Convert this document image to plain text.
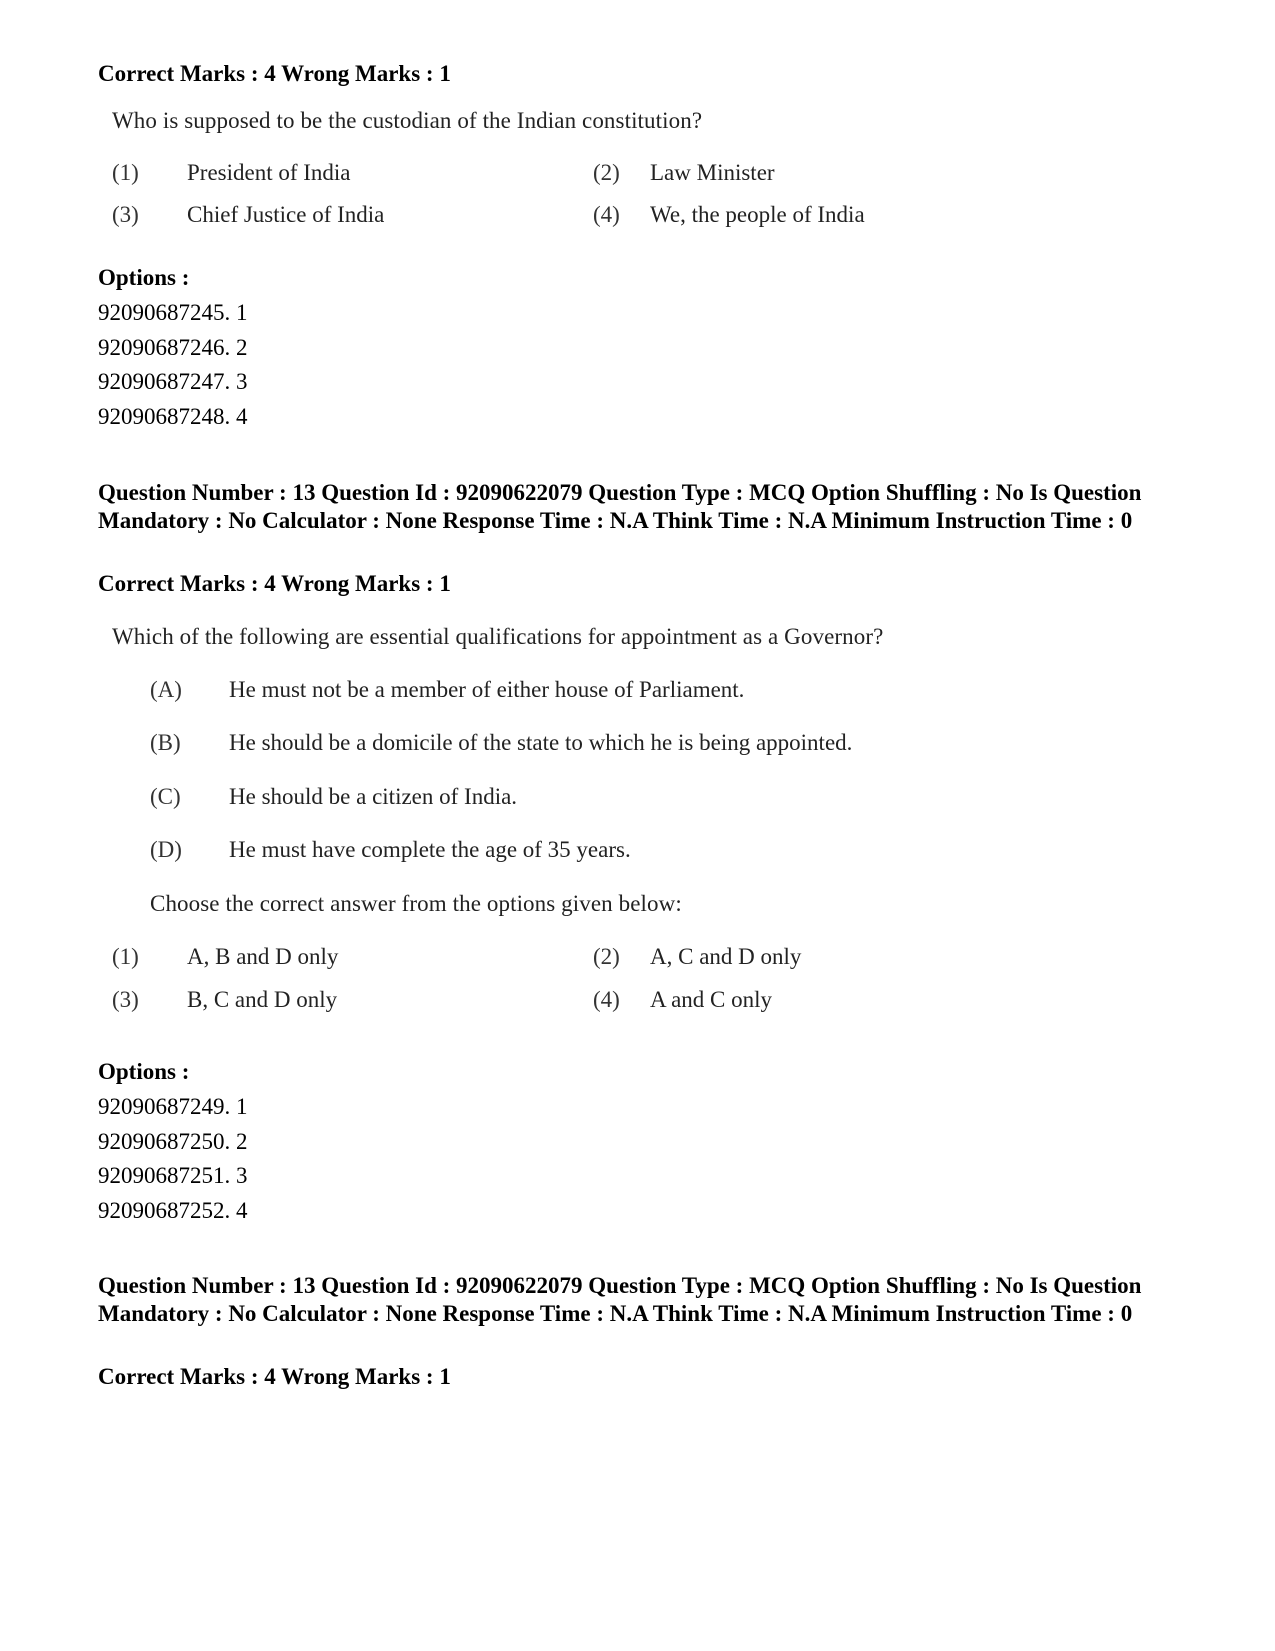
Correct Marks : 4 Wrong Marks : 1
Who is supposed to be the custodian of the Indian constitution?
(1) President of India	(2) Law Minister
(3) Chief Justice of India	(4) We, the people of India
Options :
92090687245. 1
92090687246. 2
92090687247. 3
92090687248. 4
Question Number : 13 Question Id : 92090622079 Question Type : MCQ Option Shuffling : No Is Question Mandatory : No Calculator : None Response Time : N.A Think Time : N.A Minimum Instruction Time : 0
Correct Marks : 4 Wrong Marks : 1
Which of the following are essential qualifications for appointment as a Governor?
(A) He must not be a member of either house of Parliament.
(B) He should be a domicile of the state to which he is being appointed.
(C) He should be a citizen of India.
(D) He must have complete the age of 35 years.
Choose the correct answer from the options given below:
(1) A, B and D only	(2) A, C and D only
(3) B, C and D only	(4) A and C only
Options :
92090687249. 1
92090687250. 2
92090687251. 3
92090687252. 4
Question Number : 13 Question Id : 92090622079 Question Type : MCQ Option Shuffling : No Is Question Mandatory : No Calculator : None Response Time : N.A Think Time : N.A Minimum Instruction Time : 0
Correct Marks : 4 Wrong Marks : 1
